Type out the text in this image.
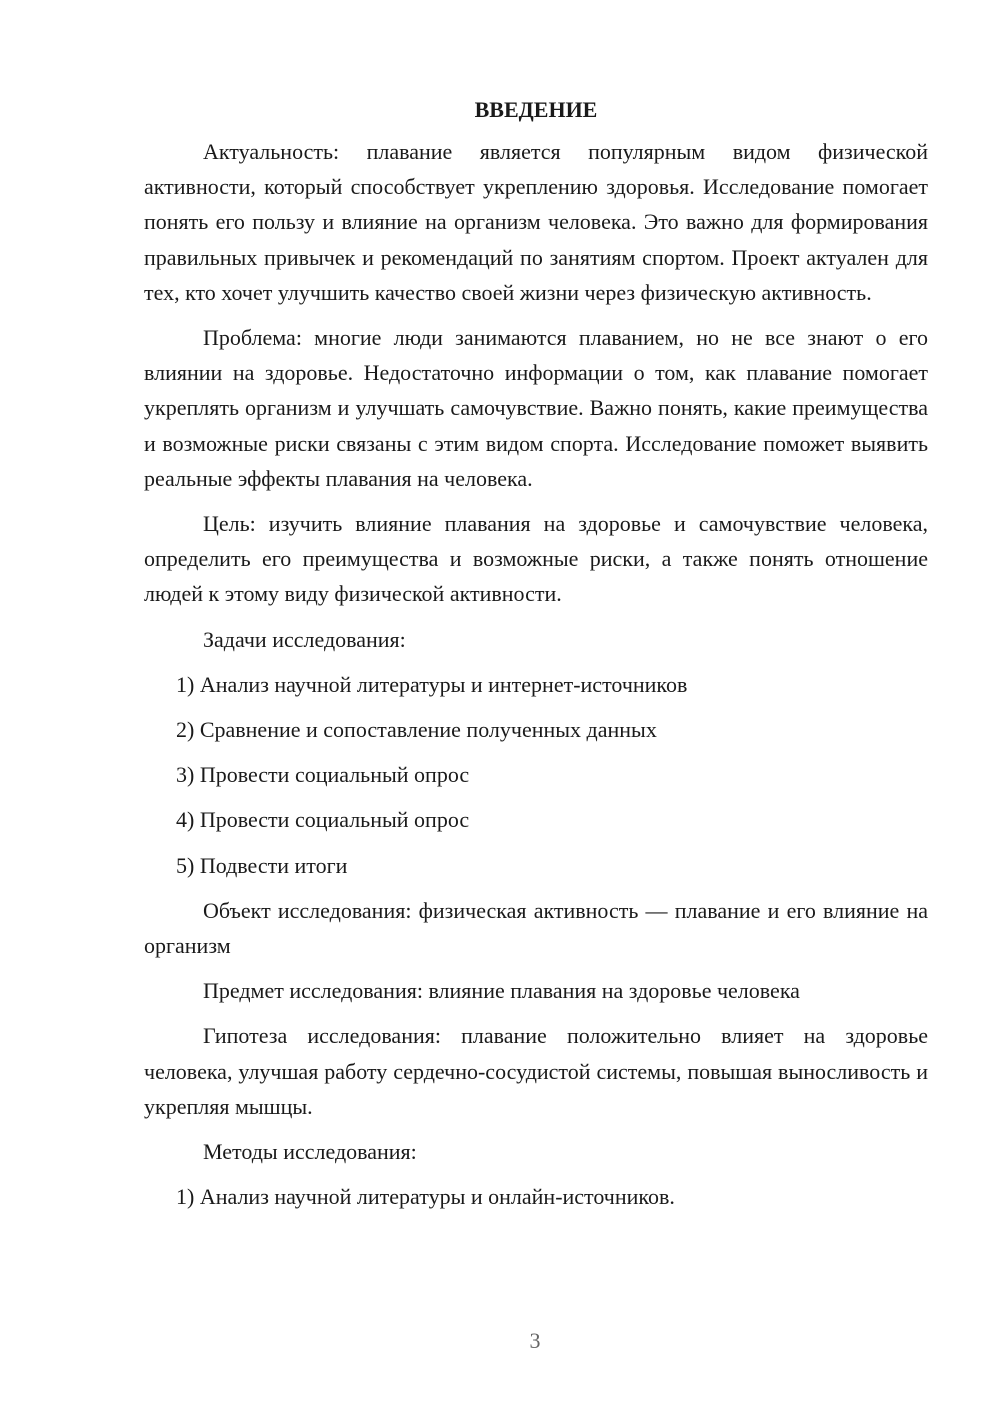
ВВЕДЕНИЕ

Актуальность: плавание является популярным видом физической активности, который способствует укреплению здоровья. Исследование помогает понять его пользу и влияние на организм человека. Это важно для формирования правильных привычек и рекомендаций по занятиям спортом. Проект актуален для тех, кто хочет улучшить качество своей жизни через физическую активность.

Проблема: многие люди занимаются плаванием, но не все знают о его влиянии на здоровье. Недостаточно информации о том, как плавание помогает укреплять организм и улучшать самочувствие. Важно понять, какие преимущества и возможные риски связаны с этим видом спорта. Исследование поможет выявить реальные эффекты плавания на человека.

Цель: изучить влияние плавания на здоровье и самочувствие человека, определить его преимущества и возможные риски, а также понять отношение людей к этому виду физической активности.

Задачи исследования:

1) Анализ научной литературы и интернет-источников
2) Сравнение и сопоставление полученных данных
3) Провести социальный опрос
4) Провести социальный опрос
5) Подвести итоги

Объект исследования: физическая активность — плавание и его влияние на организм

Предмет исследования: влияние плавания на здоровье человека

Гипотеза исследования: плавание положительно влияет на здоровье человека, улучшая работу сердечно-сосудистой системы, повышая выносливость и укрепляя мышцы.

Методы исследования:

1) Анализ научной литературы и онлайн-источников.
3
